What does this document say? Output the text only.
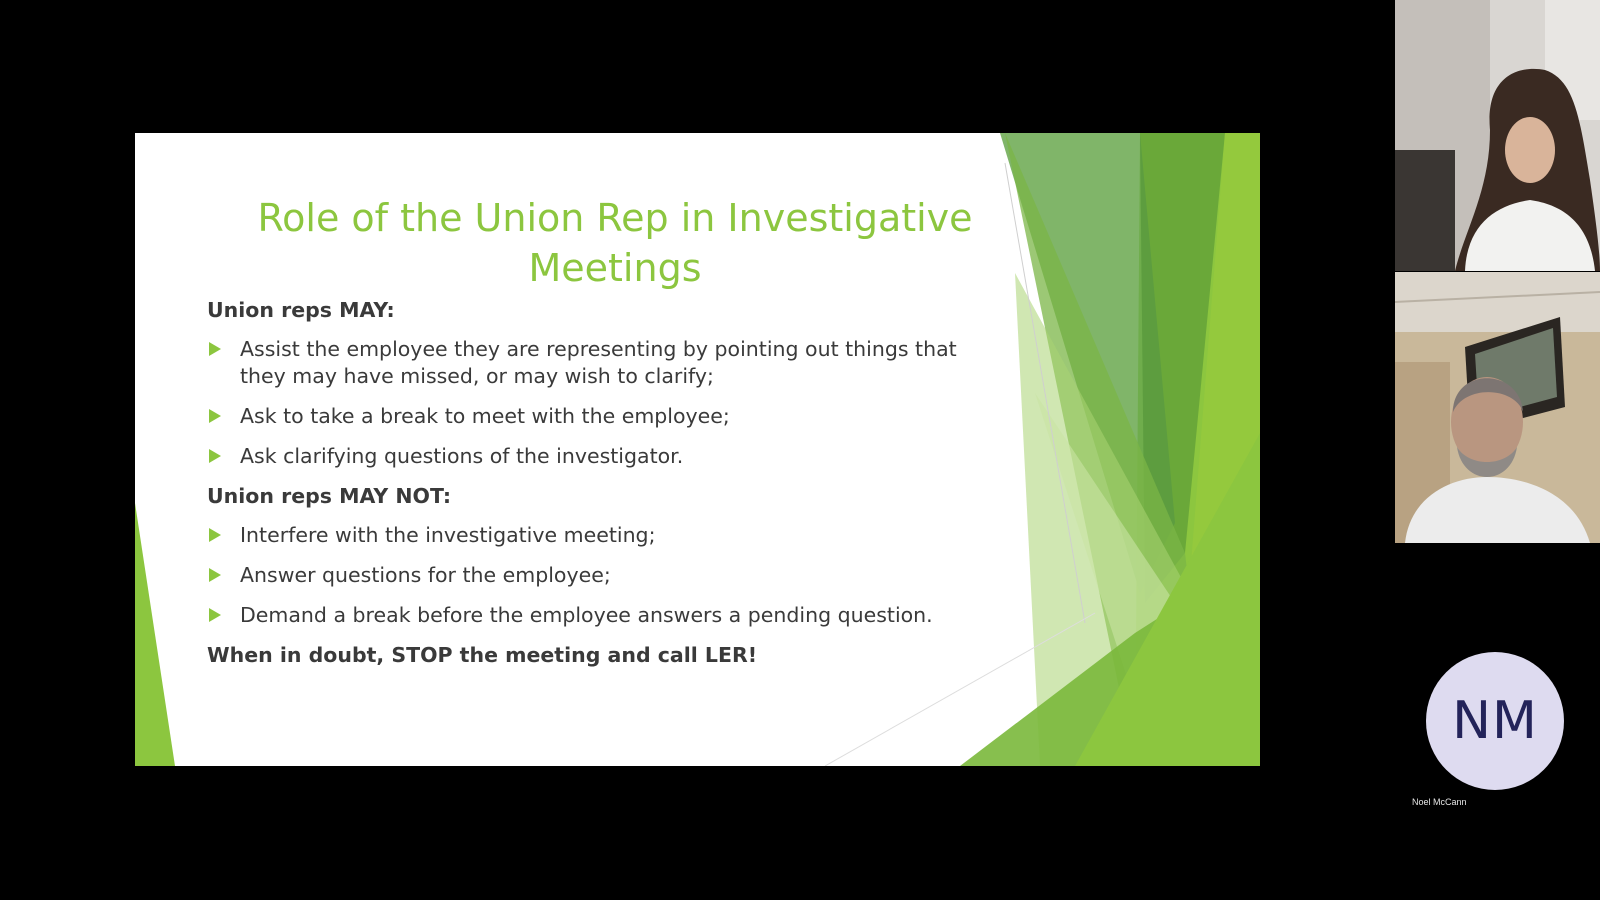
Role of the Union Rep in Investigative
Meetings
Union reps MAY:
Assist the employee they are representing by pointing out things that they may have missed, or may wish to clarify;
Ask to take a break to meet with the employee;
Ask clarifying questions of the investigator.
Union reps MAY NOT:
Interfere with the investigative meeting;
Answer questions for the employee;
Demand a break before the employee answers a pending question.
When in doubt, STOP the meeting and call LER!
NM
Noel McCann
